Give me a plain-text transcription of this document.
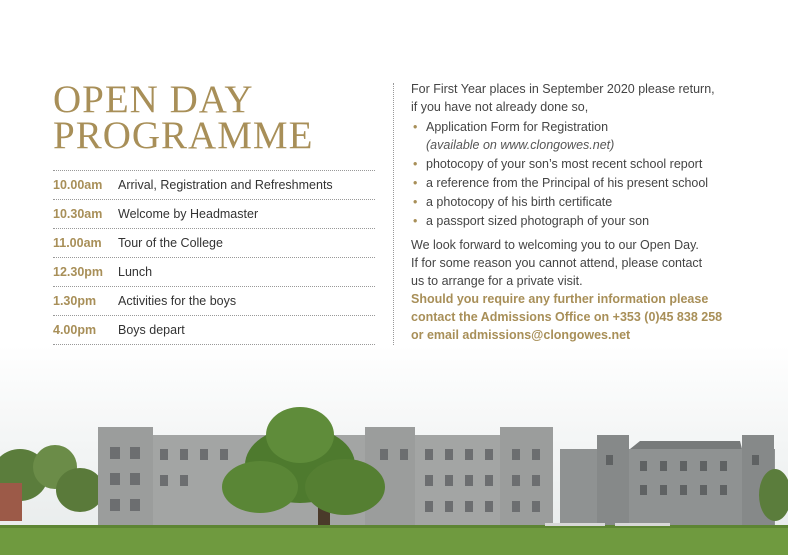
OPEN DAY
PROGRAMME
10.00am	Arrival, Registration and Refreshments
10.30am	Welcome by Headmaster
11.00am	Tour of the College
12.30pm	Lunch
1.30pm	Activities for the boys
4.00pm	Boys depart

For First Year places in September 2020 please return,
if you have not already done so,

• Application Form for Registration
(available on www.clongowes.net)
• photocopy of your son’s most recent school report
• a reference from the Principal of his present school
• a photocopy of his birth certificate
• a passport sized photograph of your son

We look forward to welcoming you to our Open Day.
If for some reason you cannot attend, please contact
us to arrange for a private visit.

Should you require any further information please
contact the Admissions Office on +353 (0)45 838 258
or email admissions@clongowes.net
